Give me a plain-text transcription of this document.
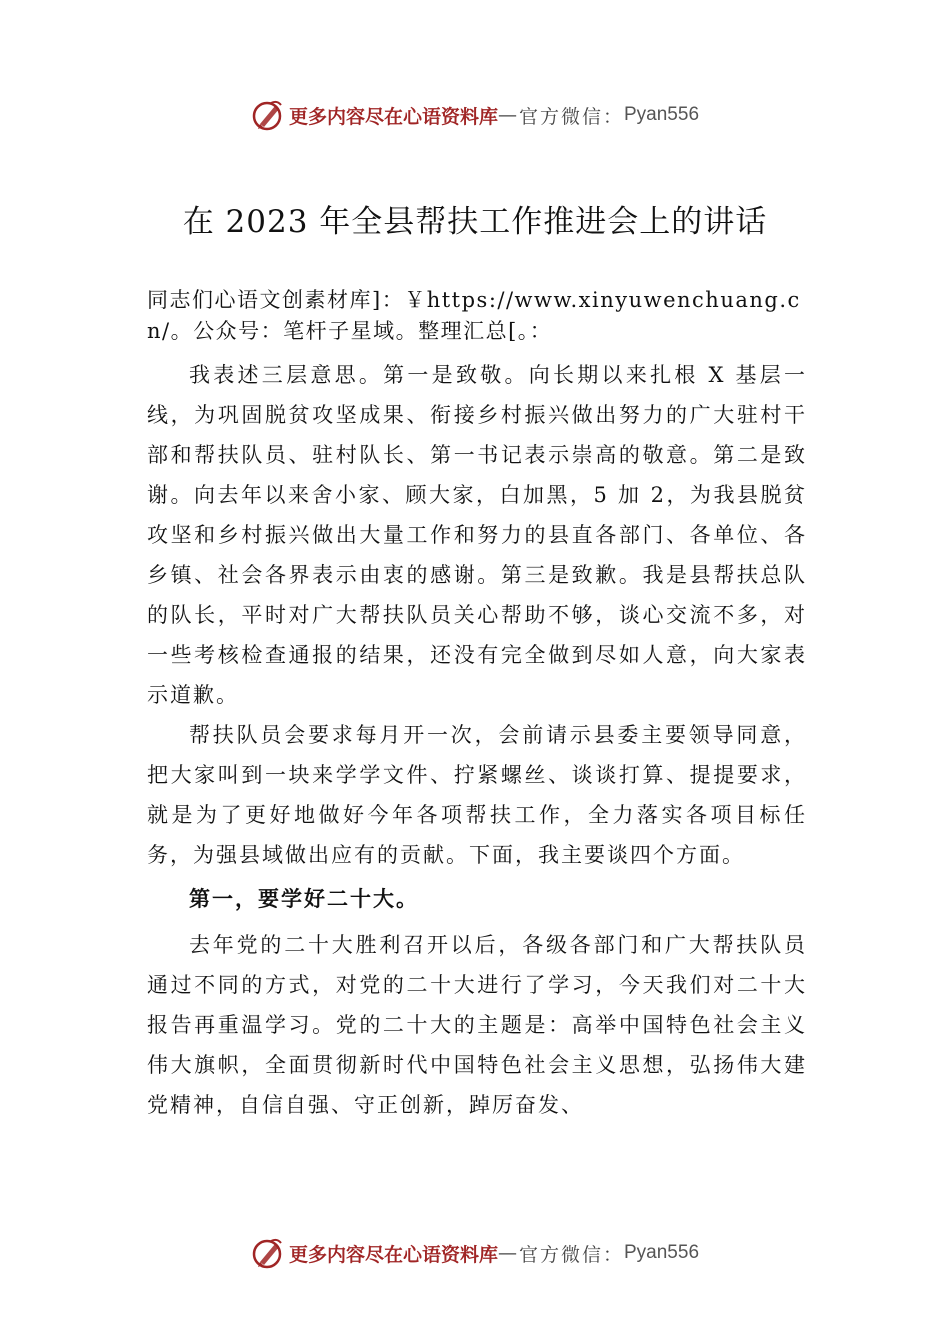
更多内容尽在心语资料库 — 官方微信： Pyan556
在 2023 年全县帮扶工作推进会上的讲话

同志们心语文创素材库]：￥https://www.xinyuwenchuang.cn/。公众号：笔杆子星域。整理汇总[。：

我表述三层意思。第一是致敬。向长期以来扎根 X 基层一线，为巩固脱贫攻坚成果、衔接乡村振兴做出努力的广大驻村干部和帮扶队员、驻村队长、第一书记表示崇高的敬意。第二是致谢。向去年以来舍小家、顾大家，白加黑，5 加 2，为我县脱贫攻坚和乡村振兴做出大量工作和努力的县直各部门、各单位、各乡镇、社会各界表示由衷的感谢。第三是致歉。我是县帮扶总队的队长，平时对广大帮扶队员关心帮助不够，谈心交流不多，对一些考核检查通报的结果，还没有完全做到尽如人意，向大家表示道歉。

帮扶队员会要求每月开一次，会前请示县委主要领导同意，把大家叫到一块来学学文件、拧紧螺丝、谈谈打算、提提要求，就是为了更好地做好今年各项帮扶工作，全力落实各项目标任务，为强县域做出应有的贡献。下面，我主要谈四个方面。

第一，要学好二十大。

去年党的二十大胜利召开以后，各级各部门和广大帮扶队员通过不同的方式，对党的二十大进行了学习，今天我们对二十大报告再重温学习。党的二十大的主题是：高举中国特色社会主义伟大旗帜，全面贯彻新时代中国特色社会主义思想，弘扬伟大建党精神，自信自强、守正创新，踔厉奋发、

更多内容尽在心语资料库 — 官方微信： Pyan556
